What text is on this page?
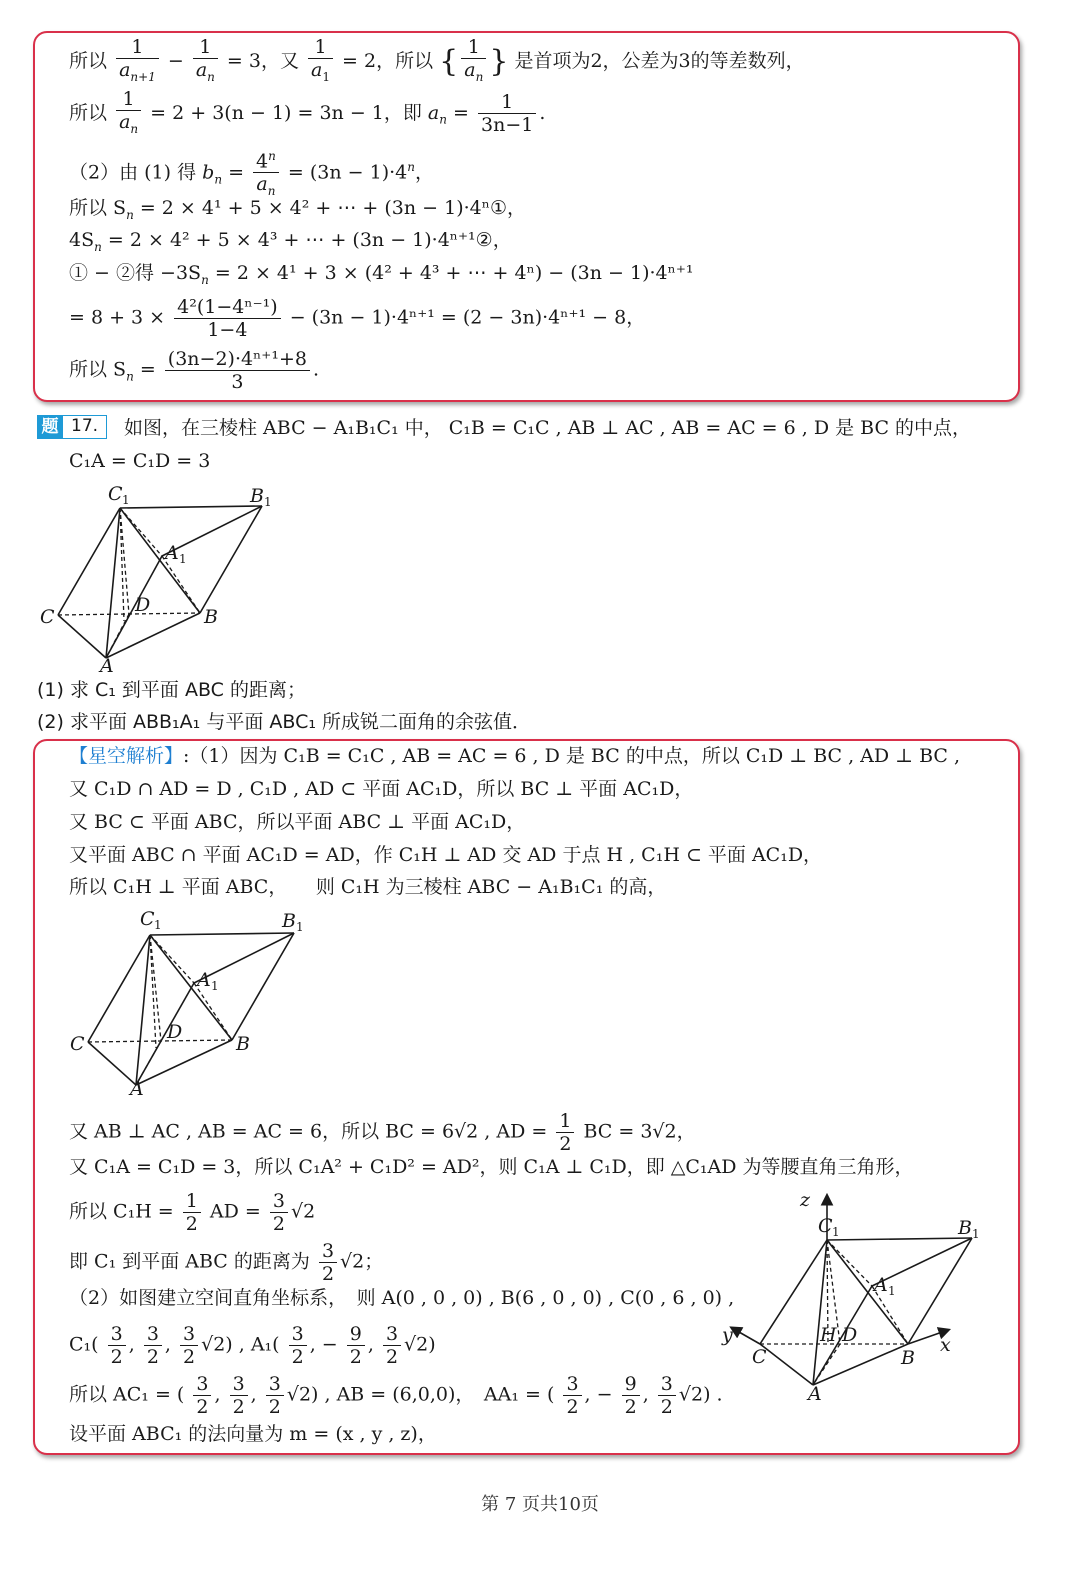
所以 $\frac{1}{a_{n+1}} - \frac{1}{a_n} = 3$，又 $\frac{1}{a_1} = 2$，所以 { $\frac{1}{a_n}$ } 是首项为2，公差为3的等差数列，
所以 $\frac{1}{a_n} = 2 + 3(n - 1) = 3n - 1$，即 $a_n = \frac{1}{3n-1}$ .
（2）由 (1) 得 $b_n = \frac{4^n}{a_n} = (3n - 1)\cdot 4^n$，
所以 $S_n = 2 \times 4^1 + 5 \times 4^2$ + ⋯ + (3n − 1)·4ⁿ①，
$4S_n = 2 \times 4^2 + 5 \times 4^3$ + ⋯ + (3n − 1)·4ⁿ⁺¹②，
① − ②得 $-3S_n = 2 \times 4^1 + 3 \times (4^2 + 4^3$ + ⋯ + 4ⁿ) − (3n − 1)·4ⁿ⁺¹
= $8 + 3 \times \frac{\text{4²(1−4ⁿ⁻¹)}}{1-4} - (3n - 1)\cdot 4^{n+1} = (2 - 3n)\cdot 4^{n+1} - 8$，
所以 $S_n = \frac{\text{(3n−2)·4ⁿ⁺¹+8}}{3}$ .
题 17.	如图，在三棱柱 ABC − A₁B₁C₁ 中， C₁B = C₁C , AB ⊥ AC , AB = AC = 6 , D 是 BC 的中点，
C₁A = C₁D = 3
C 1	B 1
A 1
C
D
B
A
(1) 求 C₁ 到平面 ABC 的距离；
(2) 求平面 ABB₁A₁ 与平面 ABC₁ 所成锐二面角的余弦值．
【星空解析】:（1）因为 C₁B = C₁C , AB = AC = 6 , D 是 BC 的中点，所以 C₁D ⊥ BC , AD ⊥ BC ,
又 C₁D ∩ AD = D , C₁D , AD ⊂ 平面 AC₁D，所以 BC ⊥ 平面 AC₁D，
又 BC ⊂ 平面 ABC，所以平面 ABC ⊥ 平面 AC₁D，
又平面 ABC ∩ 平面 AC₁D = AD，作 C₁H ⊥ AD 交 AD 于点 H , C₁H ⊂ 平面 AC₁D，
所以 C₁H ⊥ 平面 ABC，　　则 C₁H 为三棱柱 ABC − A₁B₁C₁ 的高，
C 1	B 1
A 1
C
D
B
A
又 AB ⊥ AC , AB = AC = 6，所以 BC = 6√2 , AD = $\frac{1}{2}$ BC = 3√2，
又 C₁A = C₁D = 3，所以 C₁A² + C₁D² = AD²，则 C₁A ⊥ C₁D，即 △C₁AD 为等腰直角三角形，
所以 $C_1H = \frac{1}{2}$ AD = $\frac{3}{2} √2$
即 C₁ 到平面 ABC 的距离为 $\frac{3}{2} √2$；
（2）如图建立空间直角坐标系，　则 A(0 , 0 , 0) , B(6 , 0 , 0) , C(0 , 6 , 0) ,
$C_1( \frac{3}{2}$ , $\frac{3}{2}$ , $\frac{3}{2} √2$) , $A_1( \frac{3}{2}$ , − $\frac{9}{2}$ , $\frac{3}{2} √2$)
所以 AC₁ = ( $\frac{3}{2}$ , $\frac{3}{2}$ , $\frac{3}{2} √2$) , AB = (6,0,0)，　AA₁ = ( $\frac{3}{2}$ , − $\frac{9}{2}$ , $\frac{3}{2} √2$) .
设平面 ABC₁ 的法向量为 m = (x , y , z)，
z
C 1	B 1
A 1
y	x
H D
C	B
A
第 7 页共10页
